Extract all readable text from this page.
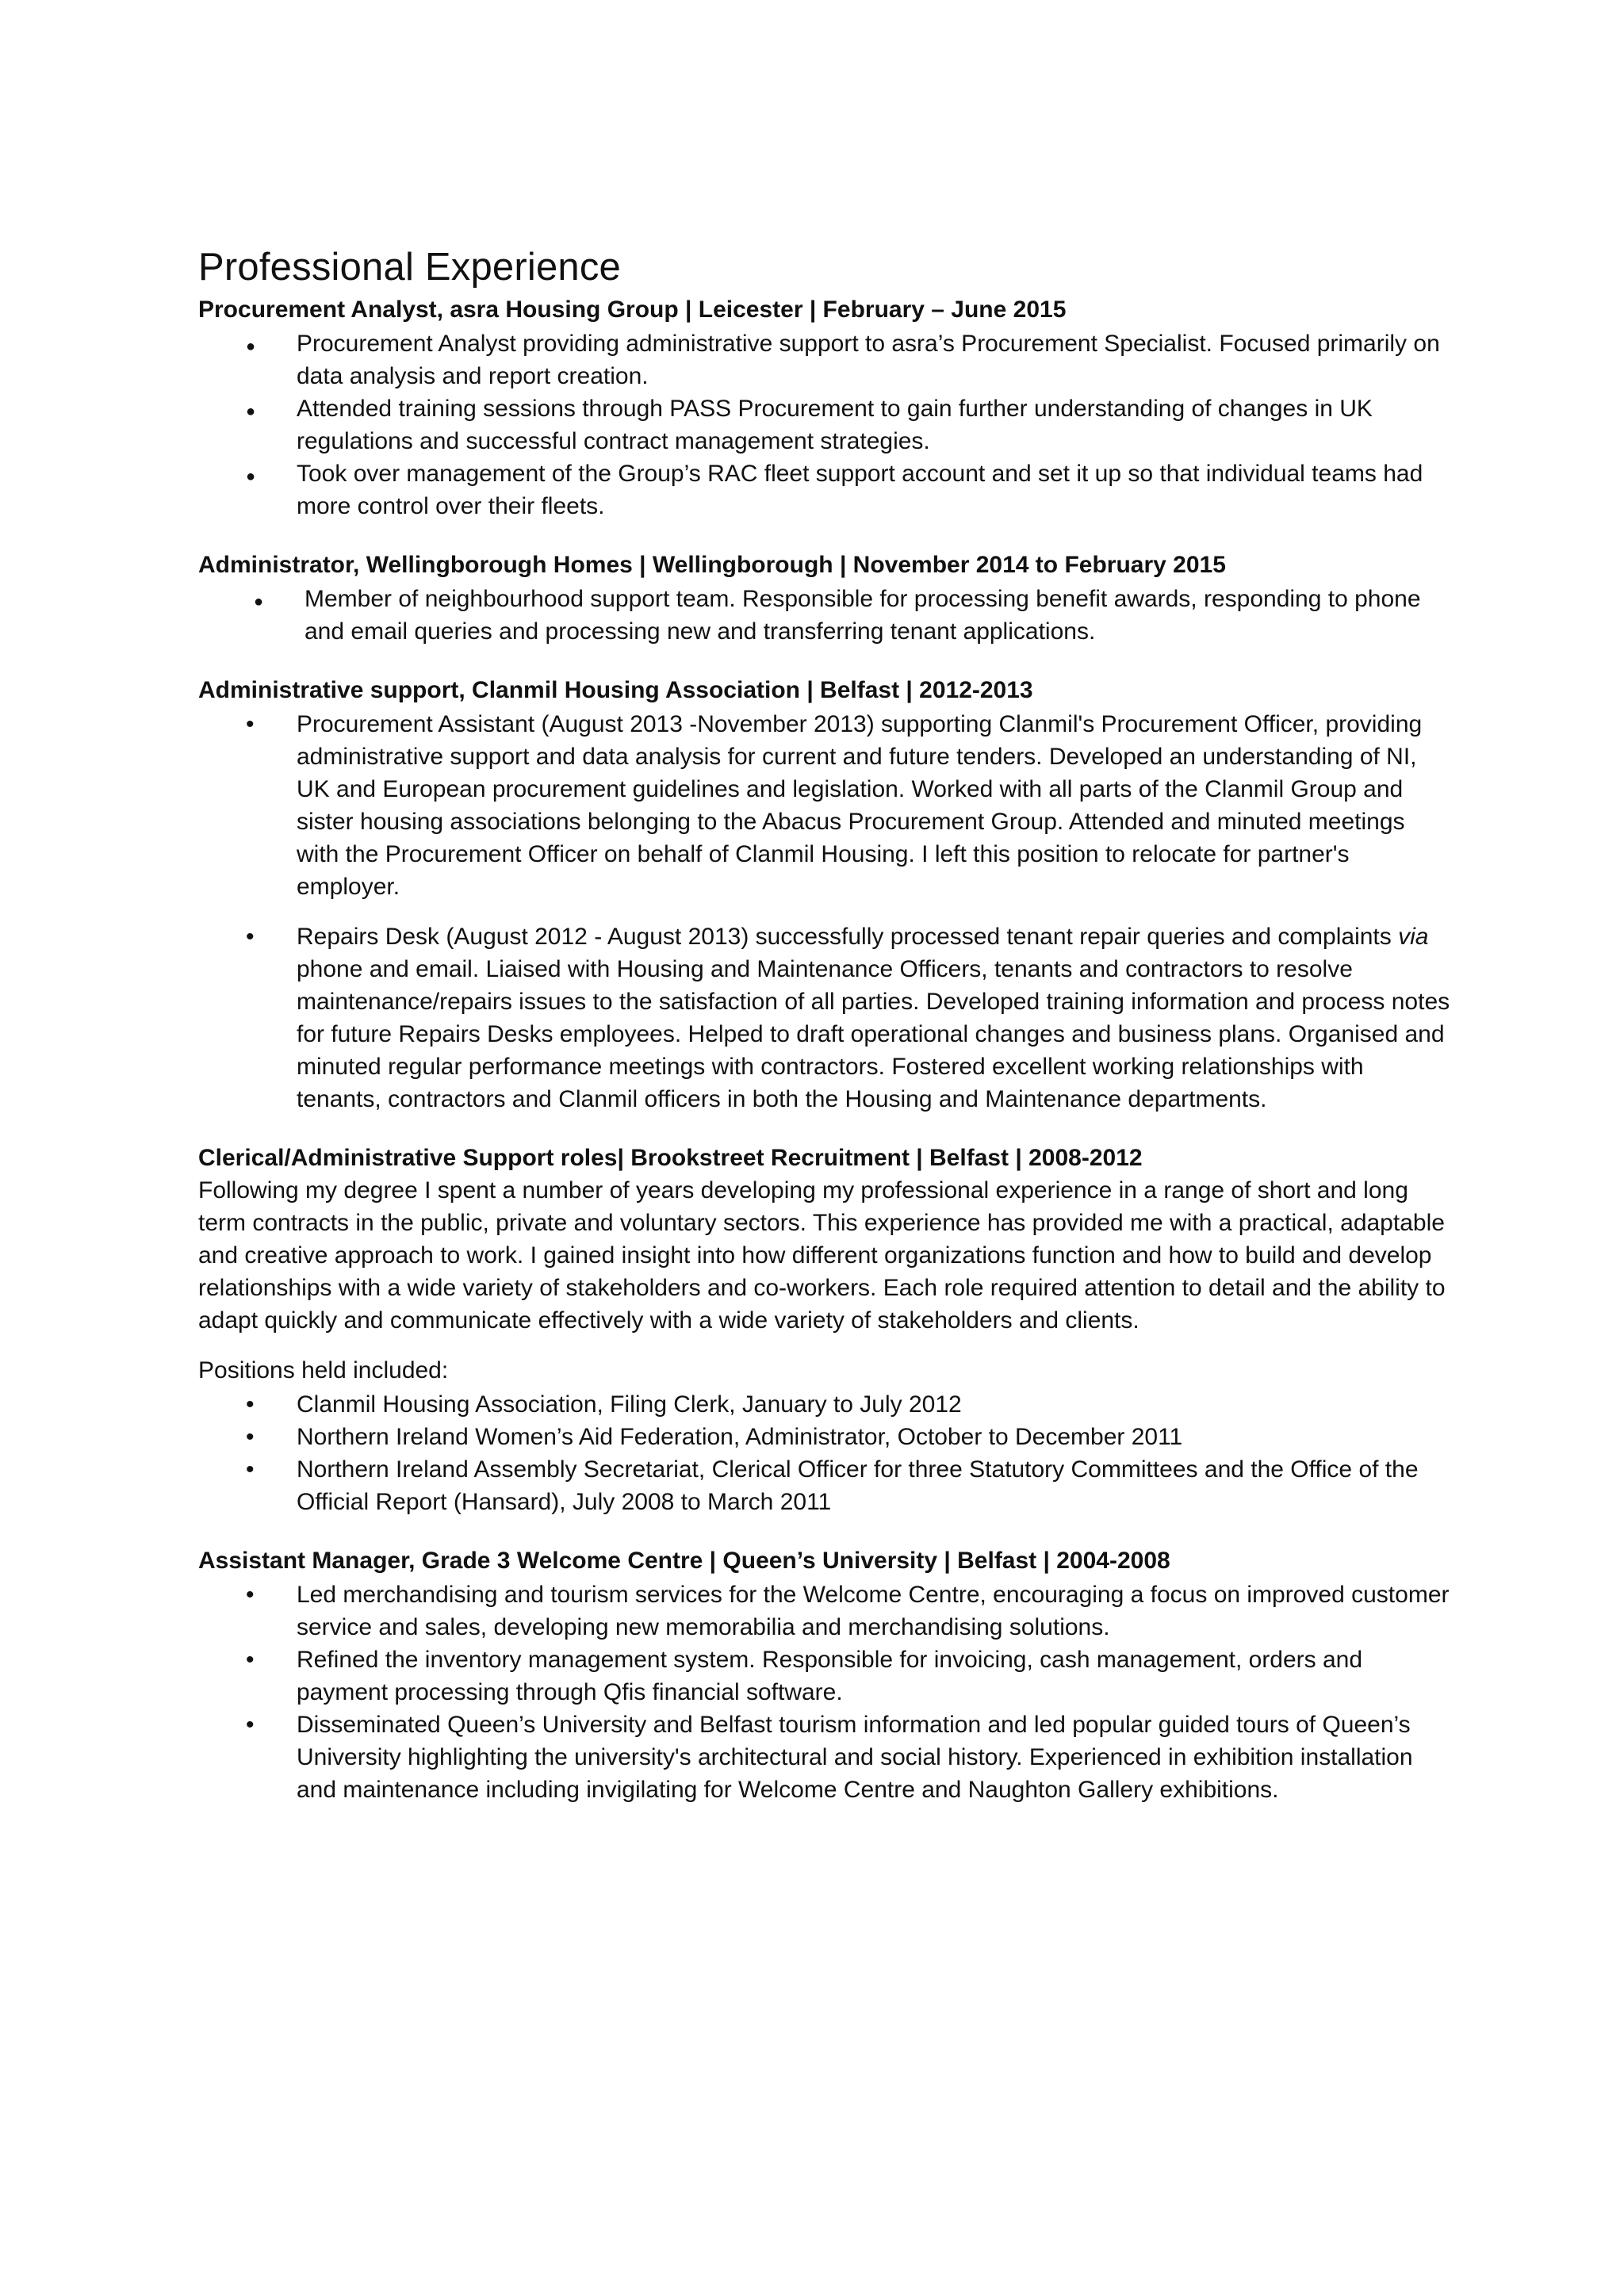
Professional Experience

Procurement Analyst, asra Housing Group | Leicester | February – June 2015

● Procurement Analyst providing administrative support to asra’s Procurement Specialist. Focused primarily on data analysis and report creation.
● Attended training sessions through PASS Procurement to gain further understanding of changes in UK regulations and successful contract management strategies.
● Took over management of the Group’s RAC fleet support account and set it up so that individual teams had more control over their fleets.

Administrator, Wellingborough Homes | Wellingborough | November 2014 to February 2015

● Member of neighbourhood support team. Responsible for processing benefit awards, responding to phone and email queries and processing new and transferring tenant applications.

Administrative support, Clanmil Housing Association | Belfast | 2012-2013

• Procurement Assistant (August 2013 -November 2013) supporting Clanmil's Procurement Officer, providing administrative support and data analysis for current and future tenders. Developed an understanding of NI, UK and European procurement guidelines and legislation. Worked with all parts of the Clanmil Group and sister housing associations belonging to the Abacus Procurement Group. Attended and minuted meetings with the Procurement Officer on behalf of Clanmil Housing. I left this position to relocate for partner's employer.
• Repairs Desk (August 2012 - August 2013) successfully processed tenant repair queries and complaints via phone and email. Liaised with Housing and Maintenance Officers, tenants and contractors to resolve maintenance/repairs issues to the satisfaction of all parties. Developed training information and process notes for future Repairs Desks employees. Helped to draft operational changes and business plans. Organised and minuted regular performance meetings with contractors. Fostered excellent working relationships with tenants, contractors and Clanmil officers in both the Housing and Maintenance departments.

Clerical/Administrative Support roles| Brookstreet Recruitment | Belfast | 2008-2012

Following my degree I spent a number of years developing my professional experience in a range of short and long term contracts in the public, private and voluntary sectors. This experience has provided me with a practical, adaptable and creative approach to work. I gained insight into how different organizations function and how to build and develop relationships with a wide variety of stakeholders and co-workers. Each role required attention to detail and the ability to adapt quickly and communicate effectively with a wide variety of stakeholders and clients.

Positions held included:

• Clanmil Housing Association, Filing Clerk, January to July 2012
• Northern Ireland Women’s Aid Federation, Administrator, October to December 2011
• Northern Ireland Assembly Secretariat, Clerical Officer for three Statutory Committees and the Office of the Official Report (Hansard), July 2008 to March 2011

Assistant Manager, Grade 3 Welcome Centre | Queen’s University | Belfast | 2004-2008

• Led merchandising and tourism services for the Welcome Centre, encouraging a focus on improved customer service and sales, developing new memorabilia and merchandising solutions.
• Refined the inventory management system. Responsible for invoicing, cash management, orders and payment processing through Qfis financial software.
• Disseminated Queen’s University and Belfast tourism information and led popular guided tours of Queen’s University highlighting the university's architectural and social history. Experienced in exhibition installation and maintenance including invigilating for Welcome Centre and Naughton Gallery exhibitions.
